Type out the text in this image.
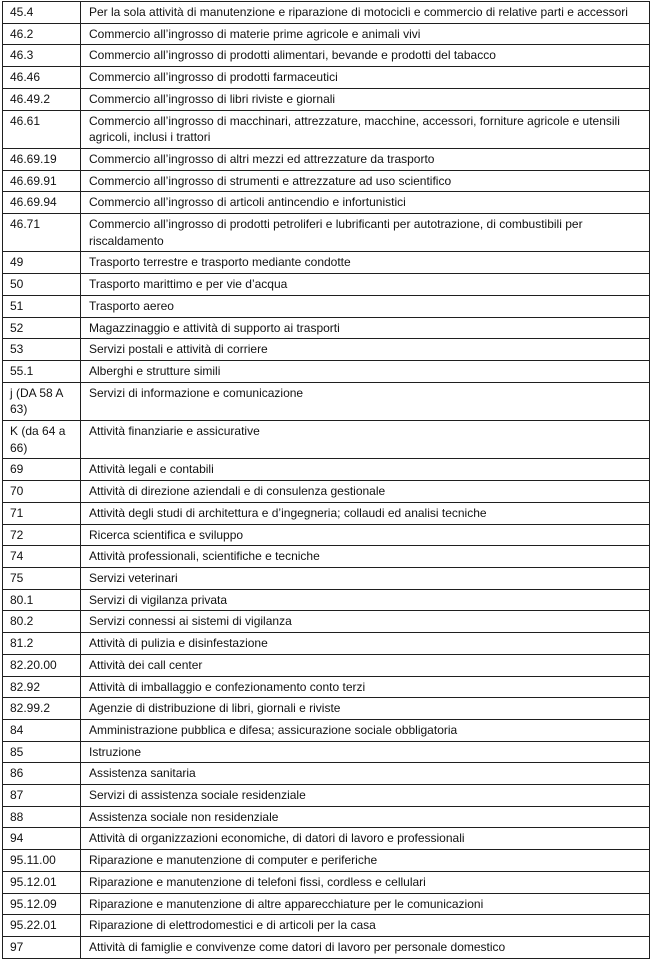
45.4	Per la sola attività di manutenzione e riparazione di motocicli e commercio di relative parti e accessori
46.2	Commercio all’ingrosso di materie prime agricole e animali vivi
46.3	Commercio all’ingrosso di prodotti alimentari, bevande e prodotti del tabacco
46.46	Commercio all’ingrosso di prodotti farmaceutici
46.49.2	Commercio all’ingrosso di libri riviste e giornali
46.61	Commercio all’ingrosso di macchinari, attrezzature, macchine, accessori, forniture agricole e utensili agricoli, inclusi i trattori
46.69.19	Commercio all’ingrosso di altri mezzi ed attrezzature da trasporto
46.69.91	Commercio all’ingrosso di strumenti e attrezzature ad uso scientifico
46.69.94	Commercio all’ingrosso di articoli antincendio e infortunistici
46.71	Commercio all’ingrosso di prodotti petroliferi e lubrificanti per autotrazione, di combustibili per riscaldamento
49	Trasporto terrestre e trasporto mediante condotte
50	Trasporto marittimo e per vie d’acqua
51	Trasporto aereo
52	Magazzinaggio e attività di supporto ai trasporti
53	Servizi postali e attività di corriere
55.1	Alberghi e strutture simili
j (DA 58 A 63)	Servizi di informazione e comunicazione
K (da 64 a 66)	Attività finanziarie e assicurative
69	Attività legali e contabili
70	Attività di direzione aziendali e di consulenza gestionale
71	Attività degli studi di architettura e d’ingegneria; collaudi ed analisi tecniche
72	Ricerca scientifica e sviluppo
74	Attività professionali, scientifiche e tecniche
75	Servizi veterinari
80.1	Servizi di vigilanza privata
80.2	Servizi connessi ai sistemi di vigilanza
81.2	Attività di pulizia e disinfestazione
82.20.00	Attività dei call center
82.92	Attività di imballaggio e confezionamento conto terzi
82.99.2	Agenzie di distribuzione di libri, giornali e riviste
84	Amministrazione pubblica e difesa; assicurazione sociale obbligatoria
85	Istruzione
86	Assistenza sanitaria
87	Servizi di assistenza sociale residenziale
88	Assistenza sociale non residenziale
94	Attività di organizzazioni economiche, di datori di lavoro e professionali
95.11.00	Riparazione e manutenzione di computer e periferiche
95.12.01	Riparazione e manutenzione di telefoni fissi, cordless e cellulari
95.12.09	Riparazione e manutenzione di altre apparecchiature per le comunicazioni
95.22.01	Riparazione di elettrodomestici e di articoli per la casa
97	Attività di famiglie e convivenze come datori di lavoro per personale domestico
